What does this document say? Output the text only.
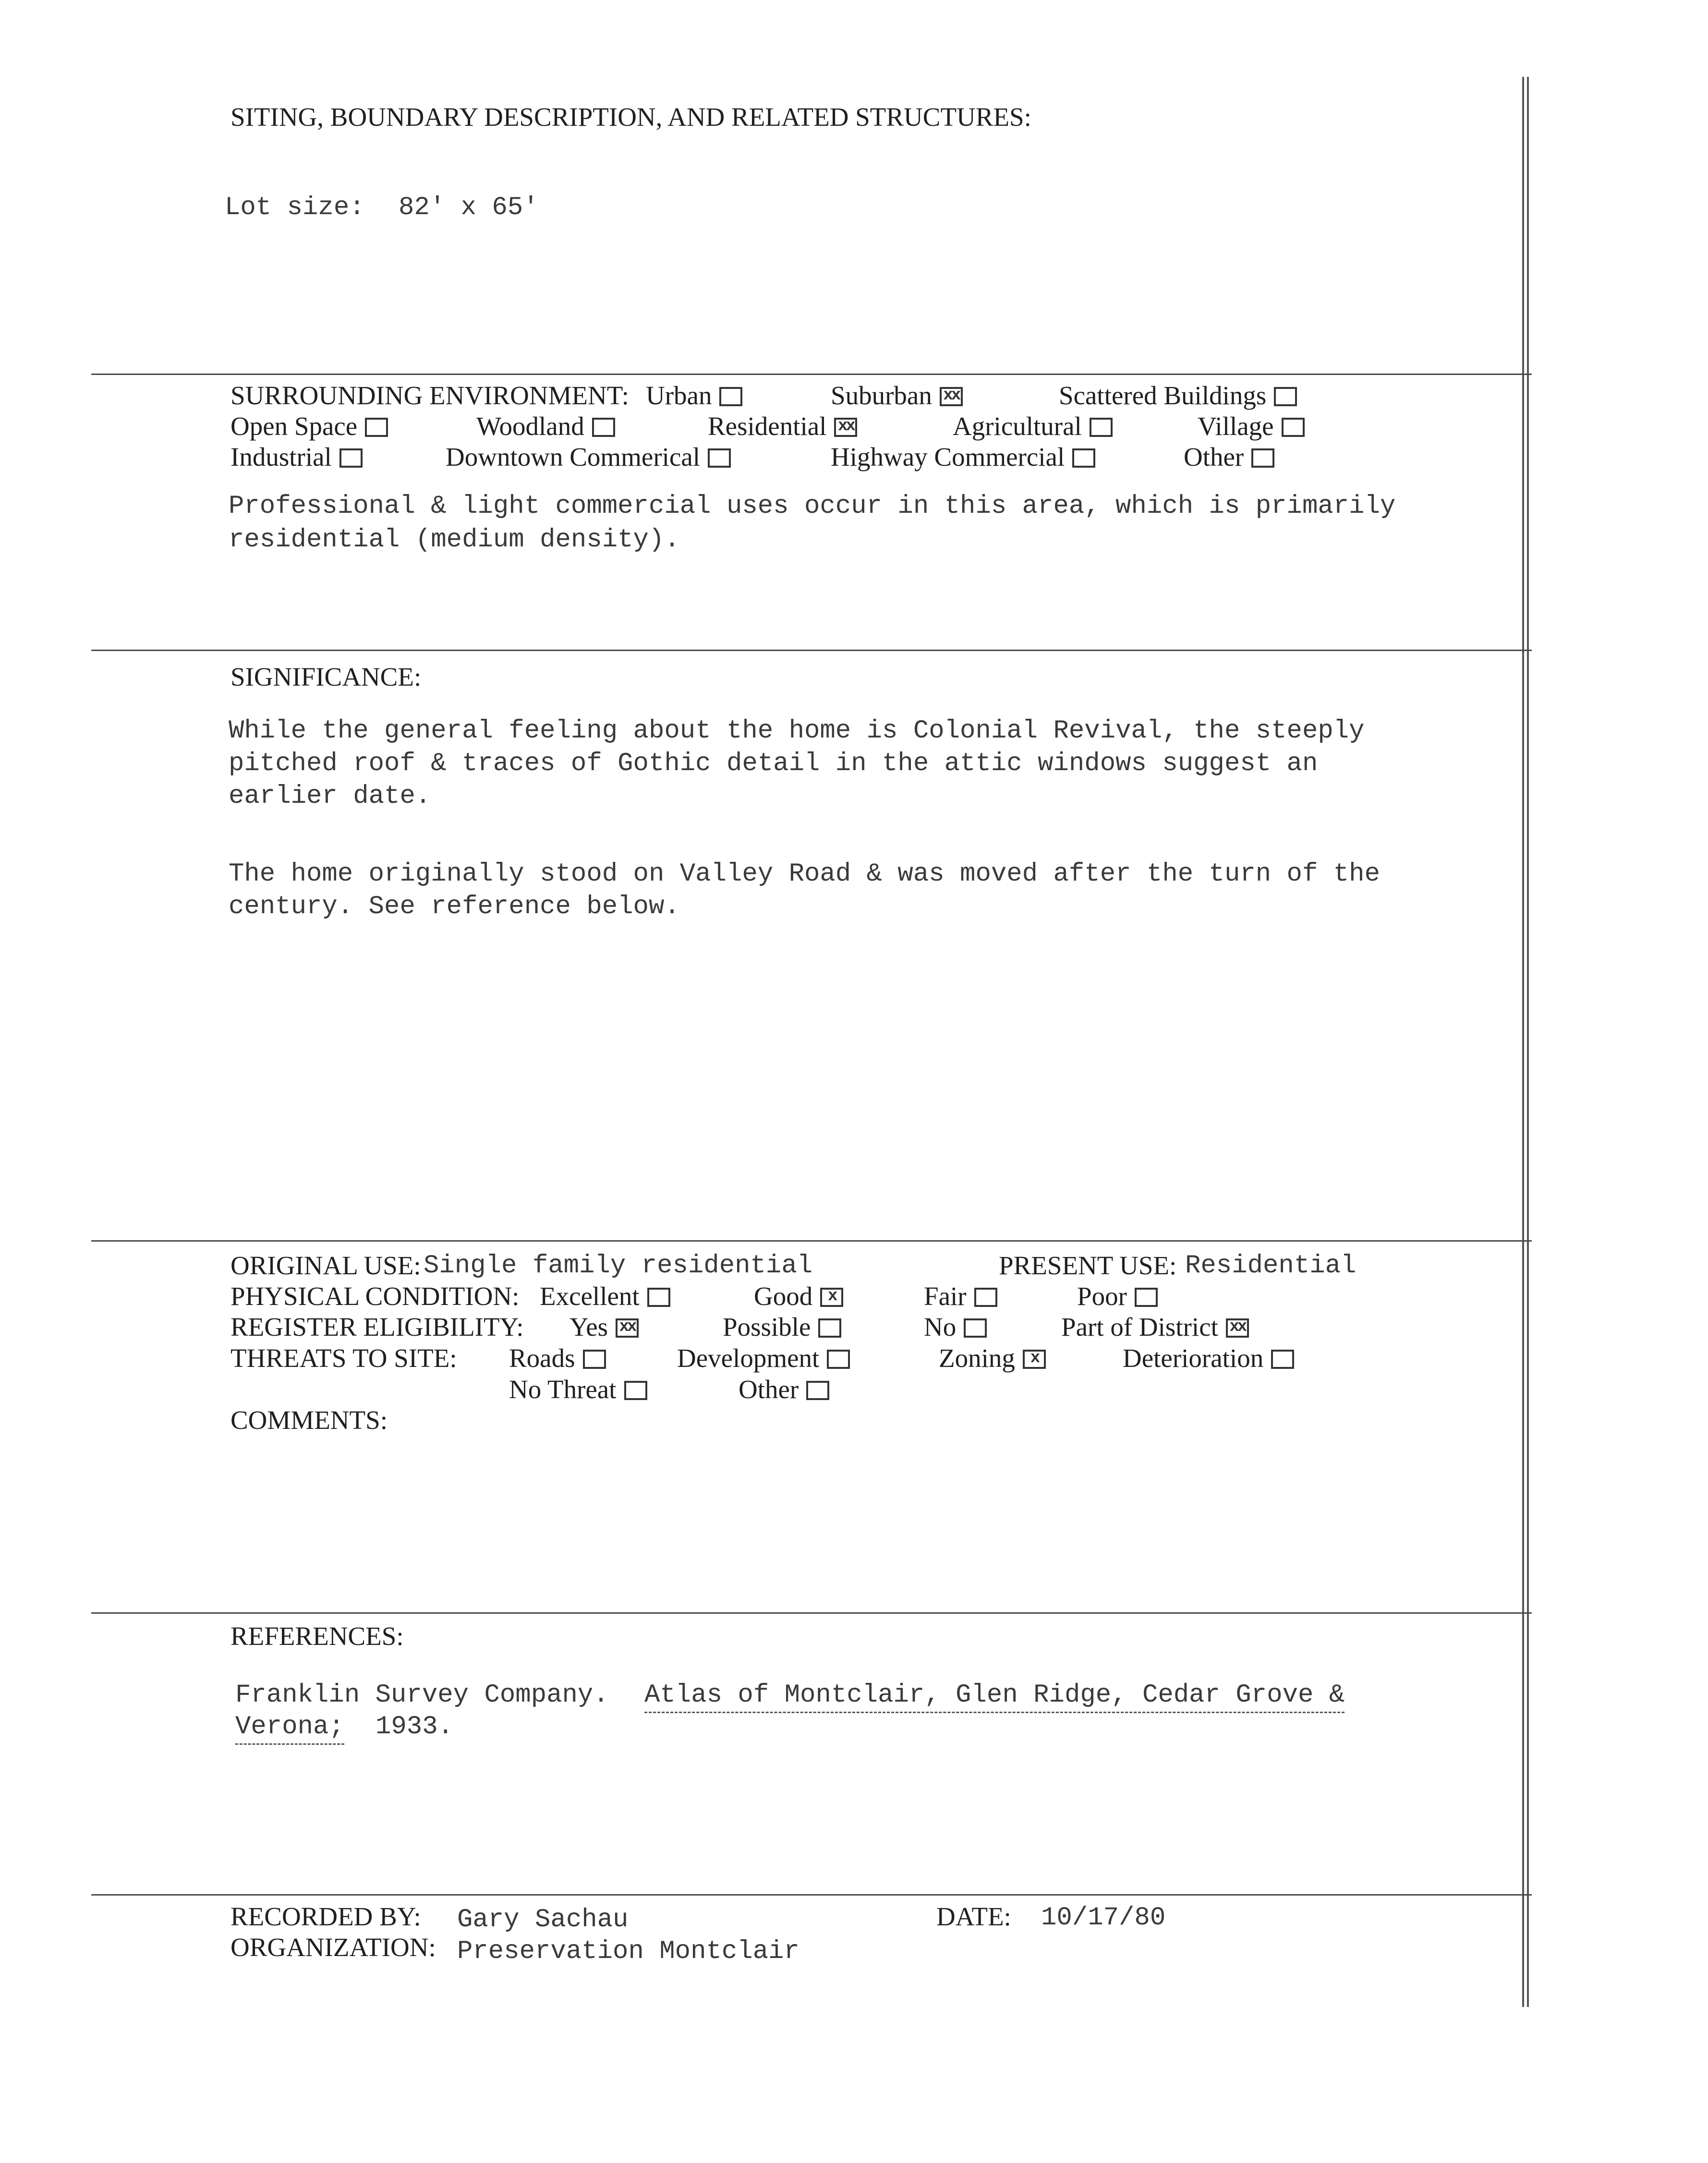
SITING, BOUNDARY DESCRIPTION, AND RELATED STRUCTURES:
Lot size: 82' x 65'
SURROUNDING ENVIRONMENT: Urban	Suburban xx	Scattered Buildings
Open Space	Woodland	Residential xx	Agricultural	Village
Industrial	Downtown Commerical	Highway Commercial	Other
Professional & light commercial uses occur in this area, which is primarily
residential (medium density).
SIGNIFICANCE:
While the general feeling about the home is Colonial Revival, the steeply
pitched roof & traces of Gothic detail in the attic windows suggest an
earlier date.
The home originally stood on Valley Road & was moved after the turn of the
century. See reference below.
ORIGINAL USE: Single family residential	PRESENT USE: Residential
PHYSICAL CONDITION: Excellent	Good x	Fair	Poor
REGISTER ELIGIBILITY: Yes xx	Possible	No	Part of Districtxx
THREATS TO SITE: Roads	Development	Zoning x	Deterioration
No Threat	Other
COMMENTS:
REFERENCES:
Franklin Survey Company. Atlas of Montclair, Glen Ridge, Cedar Grove &
Verona; 1933.
RECORDED BY: Gary Sachau
ORGANIZATION: Preservation Montclair
DATE: 10/17/80
